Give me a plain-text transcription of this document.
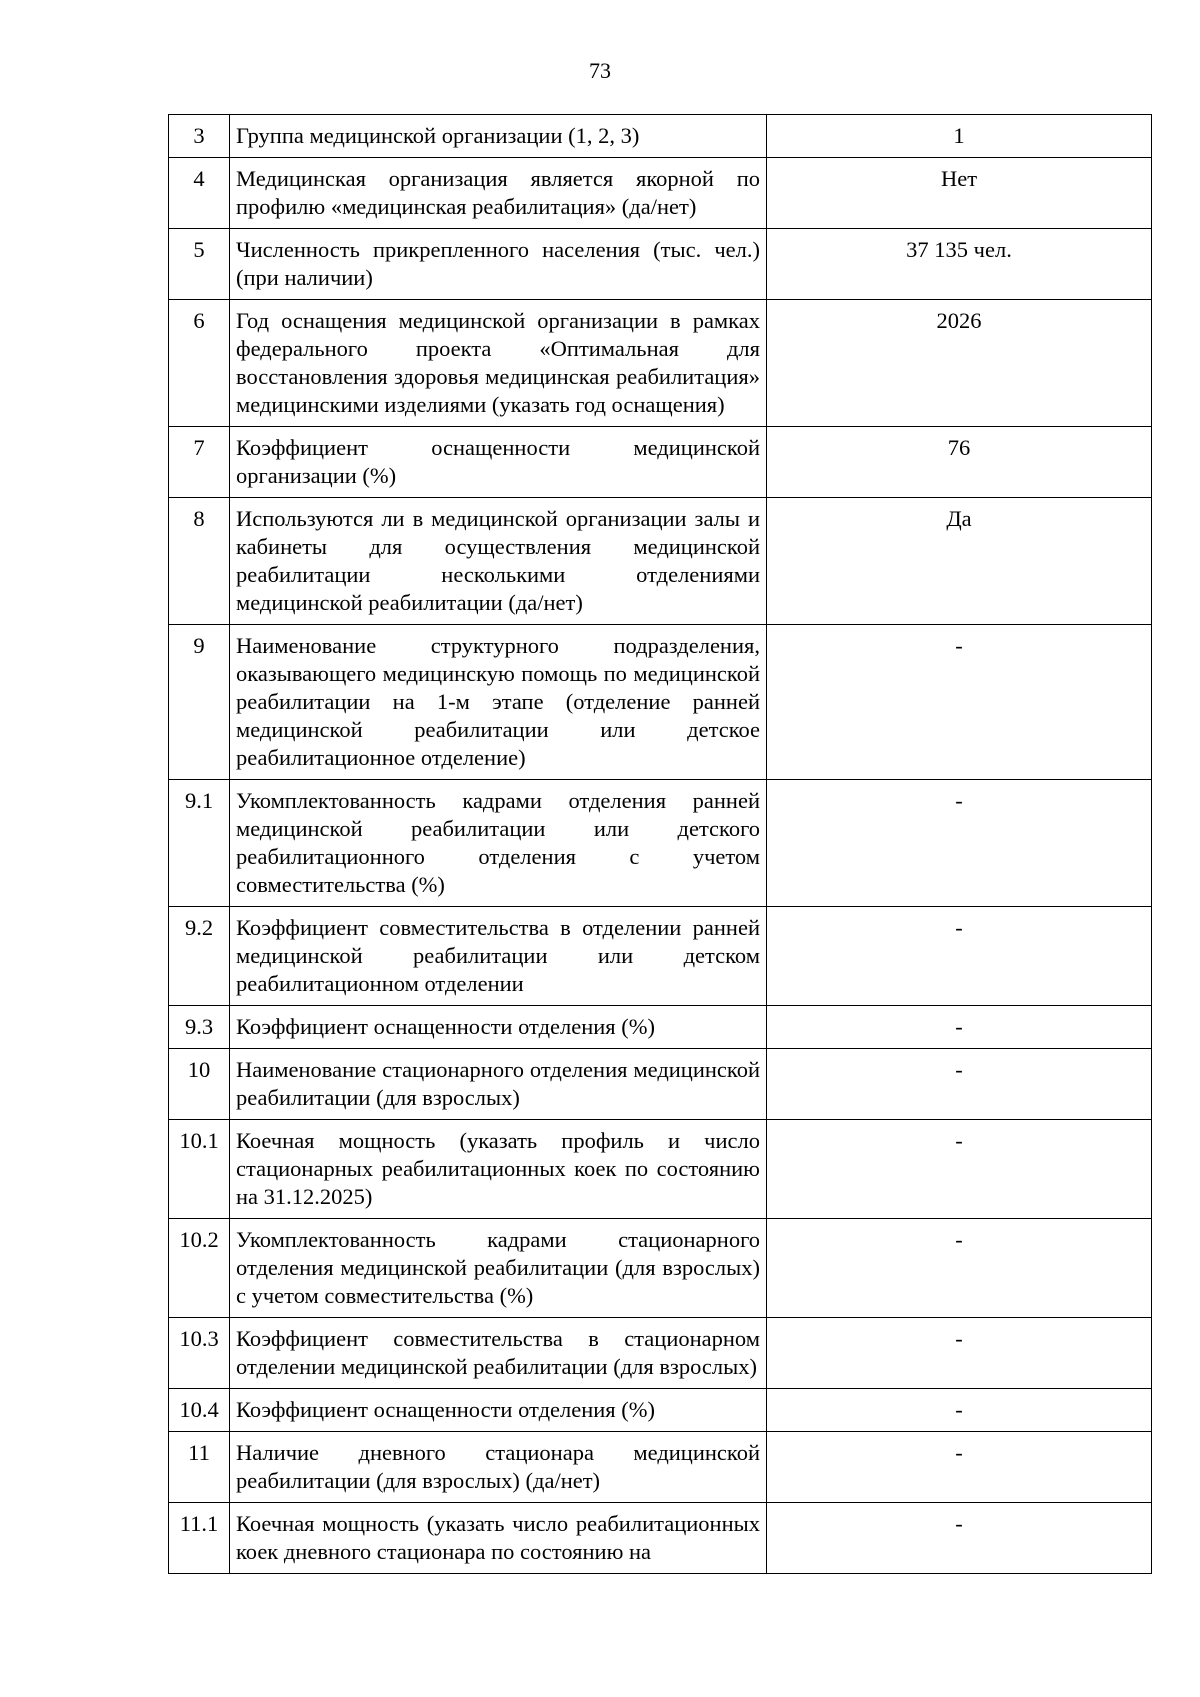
73
3	Группа медицинской организации (1, 2, 3)	1
4	Медицинская организация является якорной по профилю «медицинская реабилитация» (да/нет)	Нет
5	Численность прикрепленного населения (тыс. чел.) (при наличии)	37 135 чел.
6	Год оснащения медицинской организации в рамках федерального проекта «Оптимальная для восстановления здоровья медицинская реабилитация» медицинскими изделиями (указать год оснащения)	2026
7	Коэффициент оснащенности медицинской организации (%)	76
8	Используются ли в медицинской организации залы и кабинеты для осуществления медицинской реабилитации несколькими отделениями медицинской реабилитации (да/нет)	Да
9	Наименование структурного подразделения, оказывающего медицинскую помощь по медицинской реабилитации на 1-м этапе (отделение ранней медицинской реабилитации или детское реабилитационное отделение)	-
9.1	Укомплектованность кадрами отделения ранней медицинской реабилитации или детского реабилитационного отделения с учетом совместительства (%)	-
9.2	Коэффициент совместительства в отделении ранней медицинской реабилитации или детском реабилитационном отделении	-
9.3	Коэффициент оснащенности отделения (%)	-
10	Наименование стационарного отделения медицинской реабилитации (для взрослых)	-
10.1	Коечная мощность (указать профиль и число стационарных реабилитационных коек по состоянию на 31.12.2025)	-
10.2	Укомплектованность кадрами стационарного отделения медицинской реабилитации (для взрослых) с учетом совместительства (%)	-
10.3	Коэффициент совместительства в стационарном отделении медицинской реабилитации (для взрослых)	-
10.4	Коэффициент оснащенности отделения (%)	-
11	Наличие дневного стационара медицинской реабилитации (для взрослых) (да/нет)	-
11.1	Коечная мощность (указать число реабилитационных коек дневного стационара по состоянию на	-
